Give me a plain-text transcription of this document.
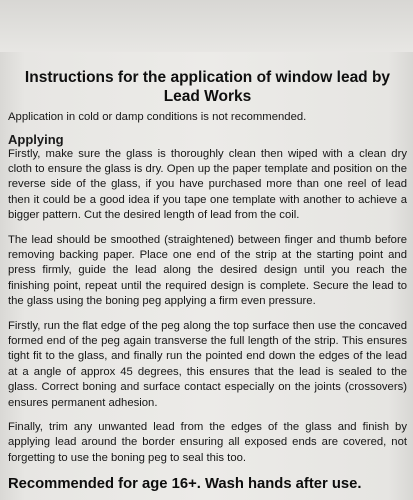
Instructions for the application of window lead by Lead Works

Application in cold or damp conditions is not recommended.

Applying

Firstly, make sure the glass is thoroughly clean then wiped with a clean dry cloth to ensure the glass is dry. Open up the paper template and position on the reverse side of the glass, if you have purchased more than one reel of lead then it could be a good idea if you tape one template with another to achieve a bigger pattern. Cut the desired length of lead from the coil.

The lead should be smoothed (straightened) between finger and thumb before removing backing paper. Place one end of the strip at the starting point and press firmly, guide the lead along the desired design until you reach the finishing point, repeat until the required design is complete. Secure the lead to the glass using the boning peg applying a firm even pressure.

Firstly, run the flat edge of the peg along the top surface then use the concaved formed end of the peg again transverse the full length of the strip. This ensures tight fit to the glass, and finally run the pointed end down the edges of the lead at a angle of approx 45 degrees, this ensures that the lead is sealed to the glass. Correct boning and surface contact especially on the joints (crossovers) ensures permanent adhesion.

Finally, trim any unwanted lead from the edges of the glass and finish by applying lead around the border ensuring all exposed ends are covered, not forgetting to use the boning peg to seal this too.

Recommended for age 16+. Wash hands after use.
